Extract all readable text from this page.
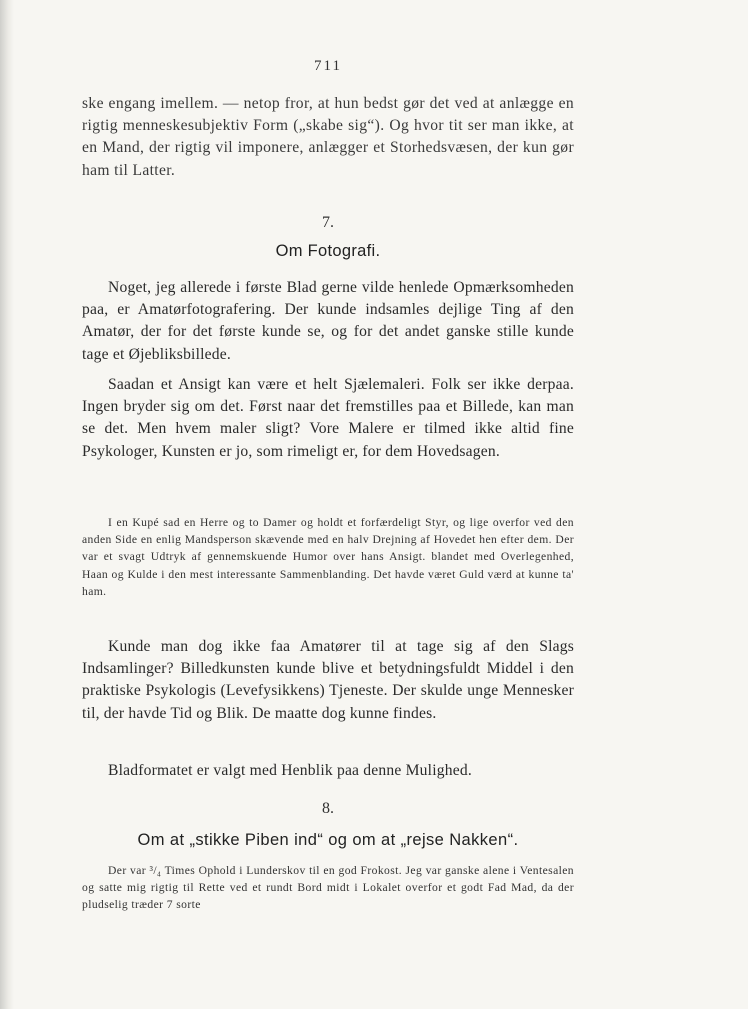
711

ske engang imellem. — netop fror, at hun bedst gør det ved at anlægge en rigtig menneskesubjektiv Form („skabe sig“). Og hvor tit ser man ikke, at en Mand, der rigtig vil imponere, anlægger et Storhedsvæsen, der kun gør ham til Latter.

7.
Om Fotografi.

Noget, jeg allerede i første Blad gerne vilde henlede Opmærksomheden paa, er Amatørfotografering. Der kunde indsamles dejlige Ting af den Amatør, der for det første kunde se, og for det andet ganske stille kunde tage et Øjebliksbillede.

Saadan et Ansigt kan være et helt Sjælemaleri. Folk ser ikke derpaa. Ingen bryder sig om det. Først naar det fremstilles paa et Billede, kan man se det. Men hvem maler sligt? Vore Malere er tilmed ikke altid fine Psykologer, Kunsten er jo, som rimeligt er, for dem Hovedsagen.

I en Kupé sad en Herre og to Damer og holdt et forfærdeligt Styr, og lige overfor ved den anden Side en enlig Mandsperson skævende med en halv Drejning af Hovedet hen efter dem. Der var et svagt Udtryk af gennemskuende Humor over hans Ansigt. blandet med Overlegenhed, Haan og Kulde i den mest interessante Sammenblanding. Det havde været Guld værd at kunne ta' ham.

Kunde man dog ikke faa Amatører til at tage sig af den Slags Indsamlinger? Billedkunsten kunde blive et betydningsfuldt Middel i den praktiske Psykologis (Levefysikkens) Tjeneste. Der skulde unge Mennesker til, der havde Tid og Blik. De maatte dog kunne findes.

Bladformatet er valgt med Henblik paa denne Mulighed.

8.
Om at „stikke Piben ind“ og om at „rejse Nakken“.

Der var ³/₄ Times Ophold i Lunderskov til en god Frokost. Jeg var ganske alene i Ventesalen og satte mig rigtig til Rette ved et rundt Bord midt i Lokalet overfor et godt Fad Mad, da der pludselig træder 7 sorte
